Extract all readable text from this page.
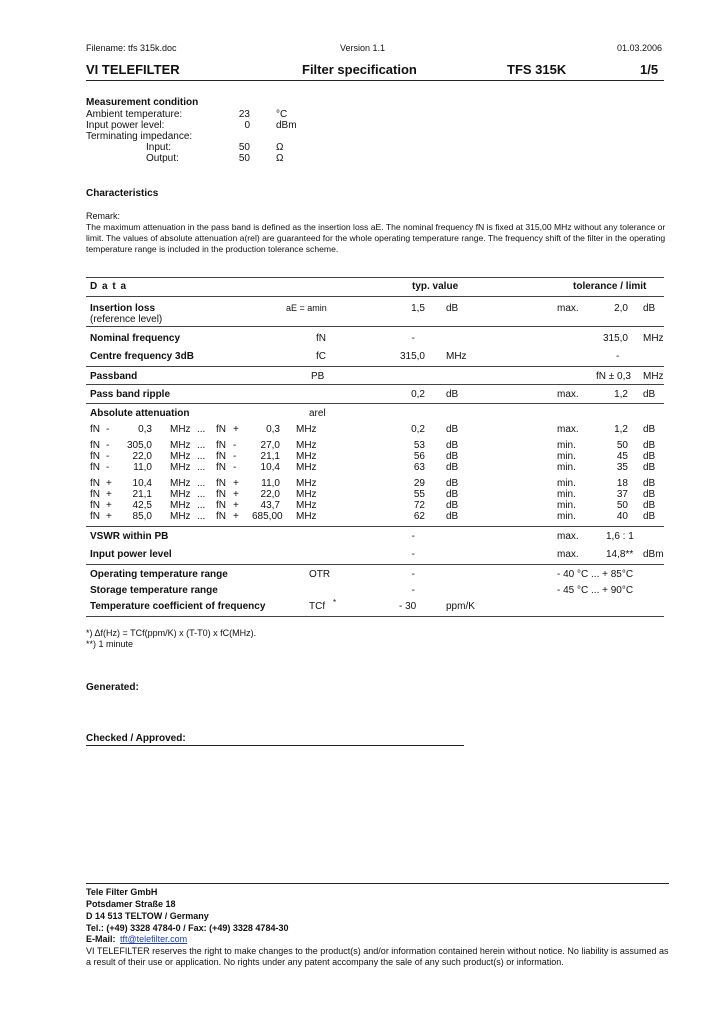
Filename: tfs 315k.doc	Version 1.1	01.03.2006
VI TELEFILTER	Filter specification	TFS 315K	1/5
Measurement condition
Ambient temperature:	23	°C
Input power level:	0	dBm
Terminating impedance:
Input:	50	Ω
Output:	50	Ω
Characteristics
Remark:
The maximum attenuation in the pass band is defined as the insertion loss aE. The nominal frequency fN is fixed at 315,00 MHz without any tolerance or limit. The values of absolute attenuation a(rel) are guaranteed for the whole operating temperature range. The frequency shift of the filter in the operating temperature range is included in the production tolerance scheme.
D a t a	typ. value	tolerance / limit
Insertion loss
(reference level)
aE = amin	1,5 dB	max.	2,0 dB
Nominal frequency	fN	-	315,0 MHz
Centre frequency 3dB	fC	315,0 MHz	-
Passband	PB	fN ± 0,3 MHz
Pass band ripple	0,2 dB	max.	1,2 dB
Absolute attenuation	arel
fN -	0,3 MHz ... fN +	0,3 MHz	0,2 dB	max.	1,2 dB
fN - 305,0 MHz ... fN -	27,0 MHz	53 dB	min.	50 dB
fN -	22,0 MHz ... fN -	21,1 MHz	56 dB	min.	45 dB
fN -	11,0 MHz ... fN -	10,4 MHz	63 dB	min.	35 dB
fN +	10,4 MHz ... fN +	11,0 MHz	29 dB	min.	18 dB
fN +	21,1 MHz ... fN +	22,0 MHz	55 dB	min.	37 dB
fN +	42,5 MHz ... fN +	43,7 MHz	72 dB	min.	50 dB
fN +	85,0 MHz ... fN + 685,00 MHz	62 dB	min.	40 dB
VSWR within PB	-	max.	1,6 : 1
Input power level	-	max.	14,8** dBm
Operating temperature range	OTR	-	- 40 °C ... + 85°C
Storage temperature range	-	- 45 °C ... + 90°C
Temperature coefficient of frequency	TCf *	- 30	ppm/K
*) Δf(Hz) = TCf(ppm/K) x (T-T0) x fC(MHz).
**) 1 minute
Generated:
Checked / Approved:
Tele Filter GmbH
Potsdamer Straße 18
D 14 513 TELTOW / Germany
Tel.: (+49) 3328 4784-0 / Fax: (+49) 3328 4784-30
E-Mail: tft@telefilter.com
VI TELEFILTER reserves the right to make changes to the product(s) and/or information contained herein without notice. No liability is assumed as a result of their use or application. No rights under any patent accompany the sale of any such product(s) or information.
